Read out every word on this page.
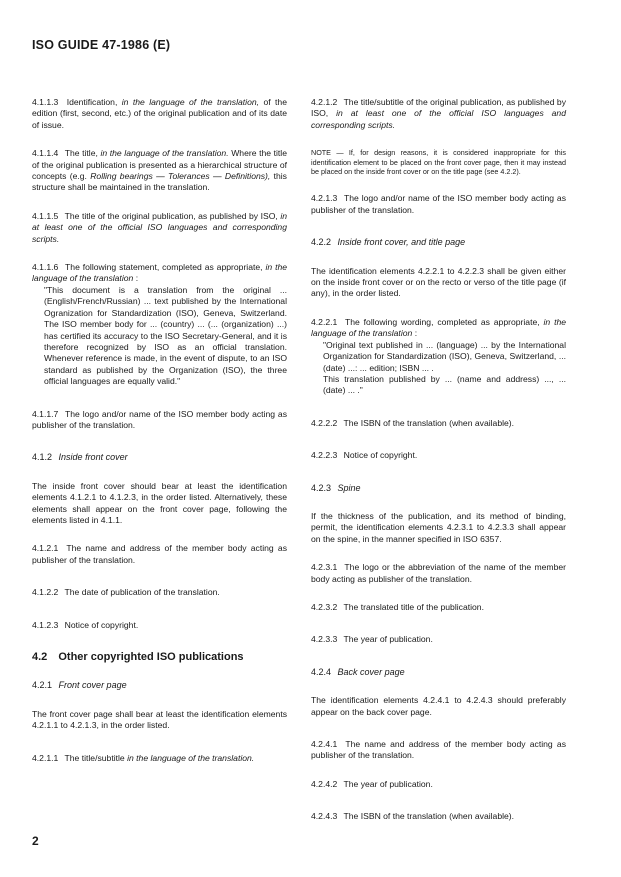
ISO GUIDE 47-1986 (E)

4.1.1.3 Identification, in the language of the translation, of the edition (first, second, etc.) of the original publication and of its date of issue.

4.1.1.4 The title, in the language of the translation. Where the title of the original publication is presented as a hierarchical structure of concepts (e.g. Rolling bearings — Tolerances — Definitions), this structure shall be maintained in the translation.

4.1.1.5 The title of the original publication, as published by ISO, in at least one of the official ISO languages and corresponding scripts.

4.1.1.6 The following statement, completed as appropriate, in the language of the translation :

"This document is a translation from the original ... (English/French/Russian) ... text published by the International Ogranization for Standardization (ISO), Geneva, Switzerland. The ISO member body for ... (country) ... (... (organization) ...) has certified its accuracy to the ISO Secretary-General, and it is therefore recognized by ISO as an official translation. Whenever reference is made, in the event of dispute, to an ISO standard as published by the Organization (ISO), the three official languages are equally valid."

4.1.1.7 The logo and/or name of the ISO member body acting as publisher of the translation.

4.1.2 Inside front cover

The inside front cover should bear at least the identification elements 4.1.2.1 to 4.1.2.3, in the order listed. Alternatively, these elements shall appear on the front cover page, following the elements listed in 4.1.1.

4.1.2.1 The name and address of the member body acting as publisher of the translation.

4.1.2.2 The date of publication of the translation.

4.1.2.3 Notice of copyright.

4.2 Other copyrighted ISO publications

4.2.1 Front cover page

The front cover page shall bear at least the identification elements 4.2.1.1 to 4.2.1.3, in the order listed.

4.2.1.1 The title/subtitle in the language of the translation.

4.2.1.2 The title/subtitle of the original publication, as published by ISO, in at least one of the official ISO languages and corresponding scripts.

NOTE — If, for design reasons, it is considered inappropriate for this identification element to be placed on the front cover page, then it may instead be placed on the inside front cover or on the title page (see 4.2.2).

4.2.1.3 The logo and/or name of the ISO member body acting as publisher of the translation.

4.2.2 Inside front cover, and title page

The identification elements 4.2.2.1 to 4.2.2.3 shall be given either on the inside front cover or on the recto or verso of the title page (if any), in the order listed.

4.2.2.1 The following wording, completed as appropriate, in the language of the translation :

"Original text published in ... (language) ... by the International Organization for Standardization (ISO), Geneva, Switzerland, ... (date) ...: ... edition; ISBN ... .

This translation published by ... (name and address) ..., ... (date) ... ."

4.2.2.2 The ISBN of the translation (when available).

4.2.2.3 Notice of copyright.

4.2.3 Spine

If the thickness of the publication, and its method of binding, permit, the identification elements 4.2.3.1 to 4.2.3.3 shall appear on the spine, in the manner specified in ISO 6357.

4.2.3.1 The logo or the abbreviation of the name of the member body acting as publisher of the translation.

4.2.3.2 The translated title of the publication.

4.2.3.3 The year of publication.

4.2.4 Back cover page

The identification elements 4.2.4.1 to 4.2.4.3 should preferably appear on the back cover page.

4.2.4.1 The name and address of the member body acting as publisher of the translation.

4.2.4.2 The year of publication.

4.2.4.3 The ISBN of the translation (when available).

2
